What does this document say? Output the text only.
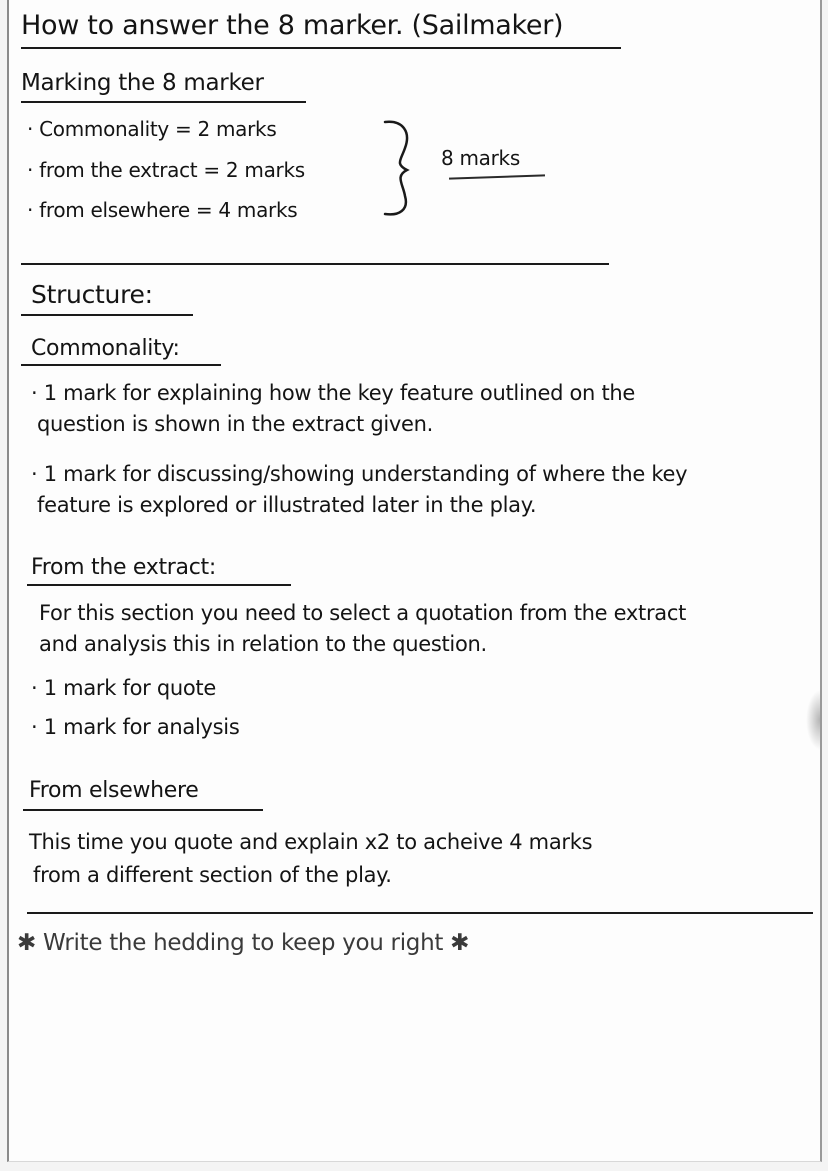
How to answer the 8 marker. (Sailmaker)
Marking the 8 marker
· Commonality = 2 marks
· from the extract = 2 marks
· from elsewhere = 4 marks
8 marks
Structure:
Commonality:
· 1 mark for explaining how the key feature outlined on the
question is shown in the extract given.
· 1 mark for discussing/showing understanding of where the key
feature is explored or illustrated later in the play.
From the extract:
For this section you need to select a quotation from the extract
and analysis this in relation to the question.
· 1 mark for quote
· 1 mark for analysis
From elsewhere
This time you quote and explain x2 to acheive 4 marks
from a different section of the play.
✱ Write the hedding to keep you right ✱
